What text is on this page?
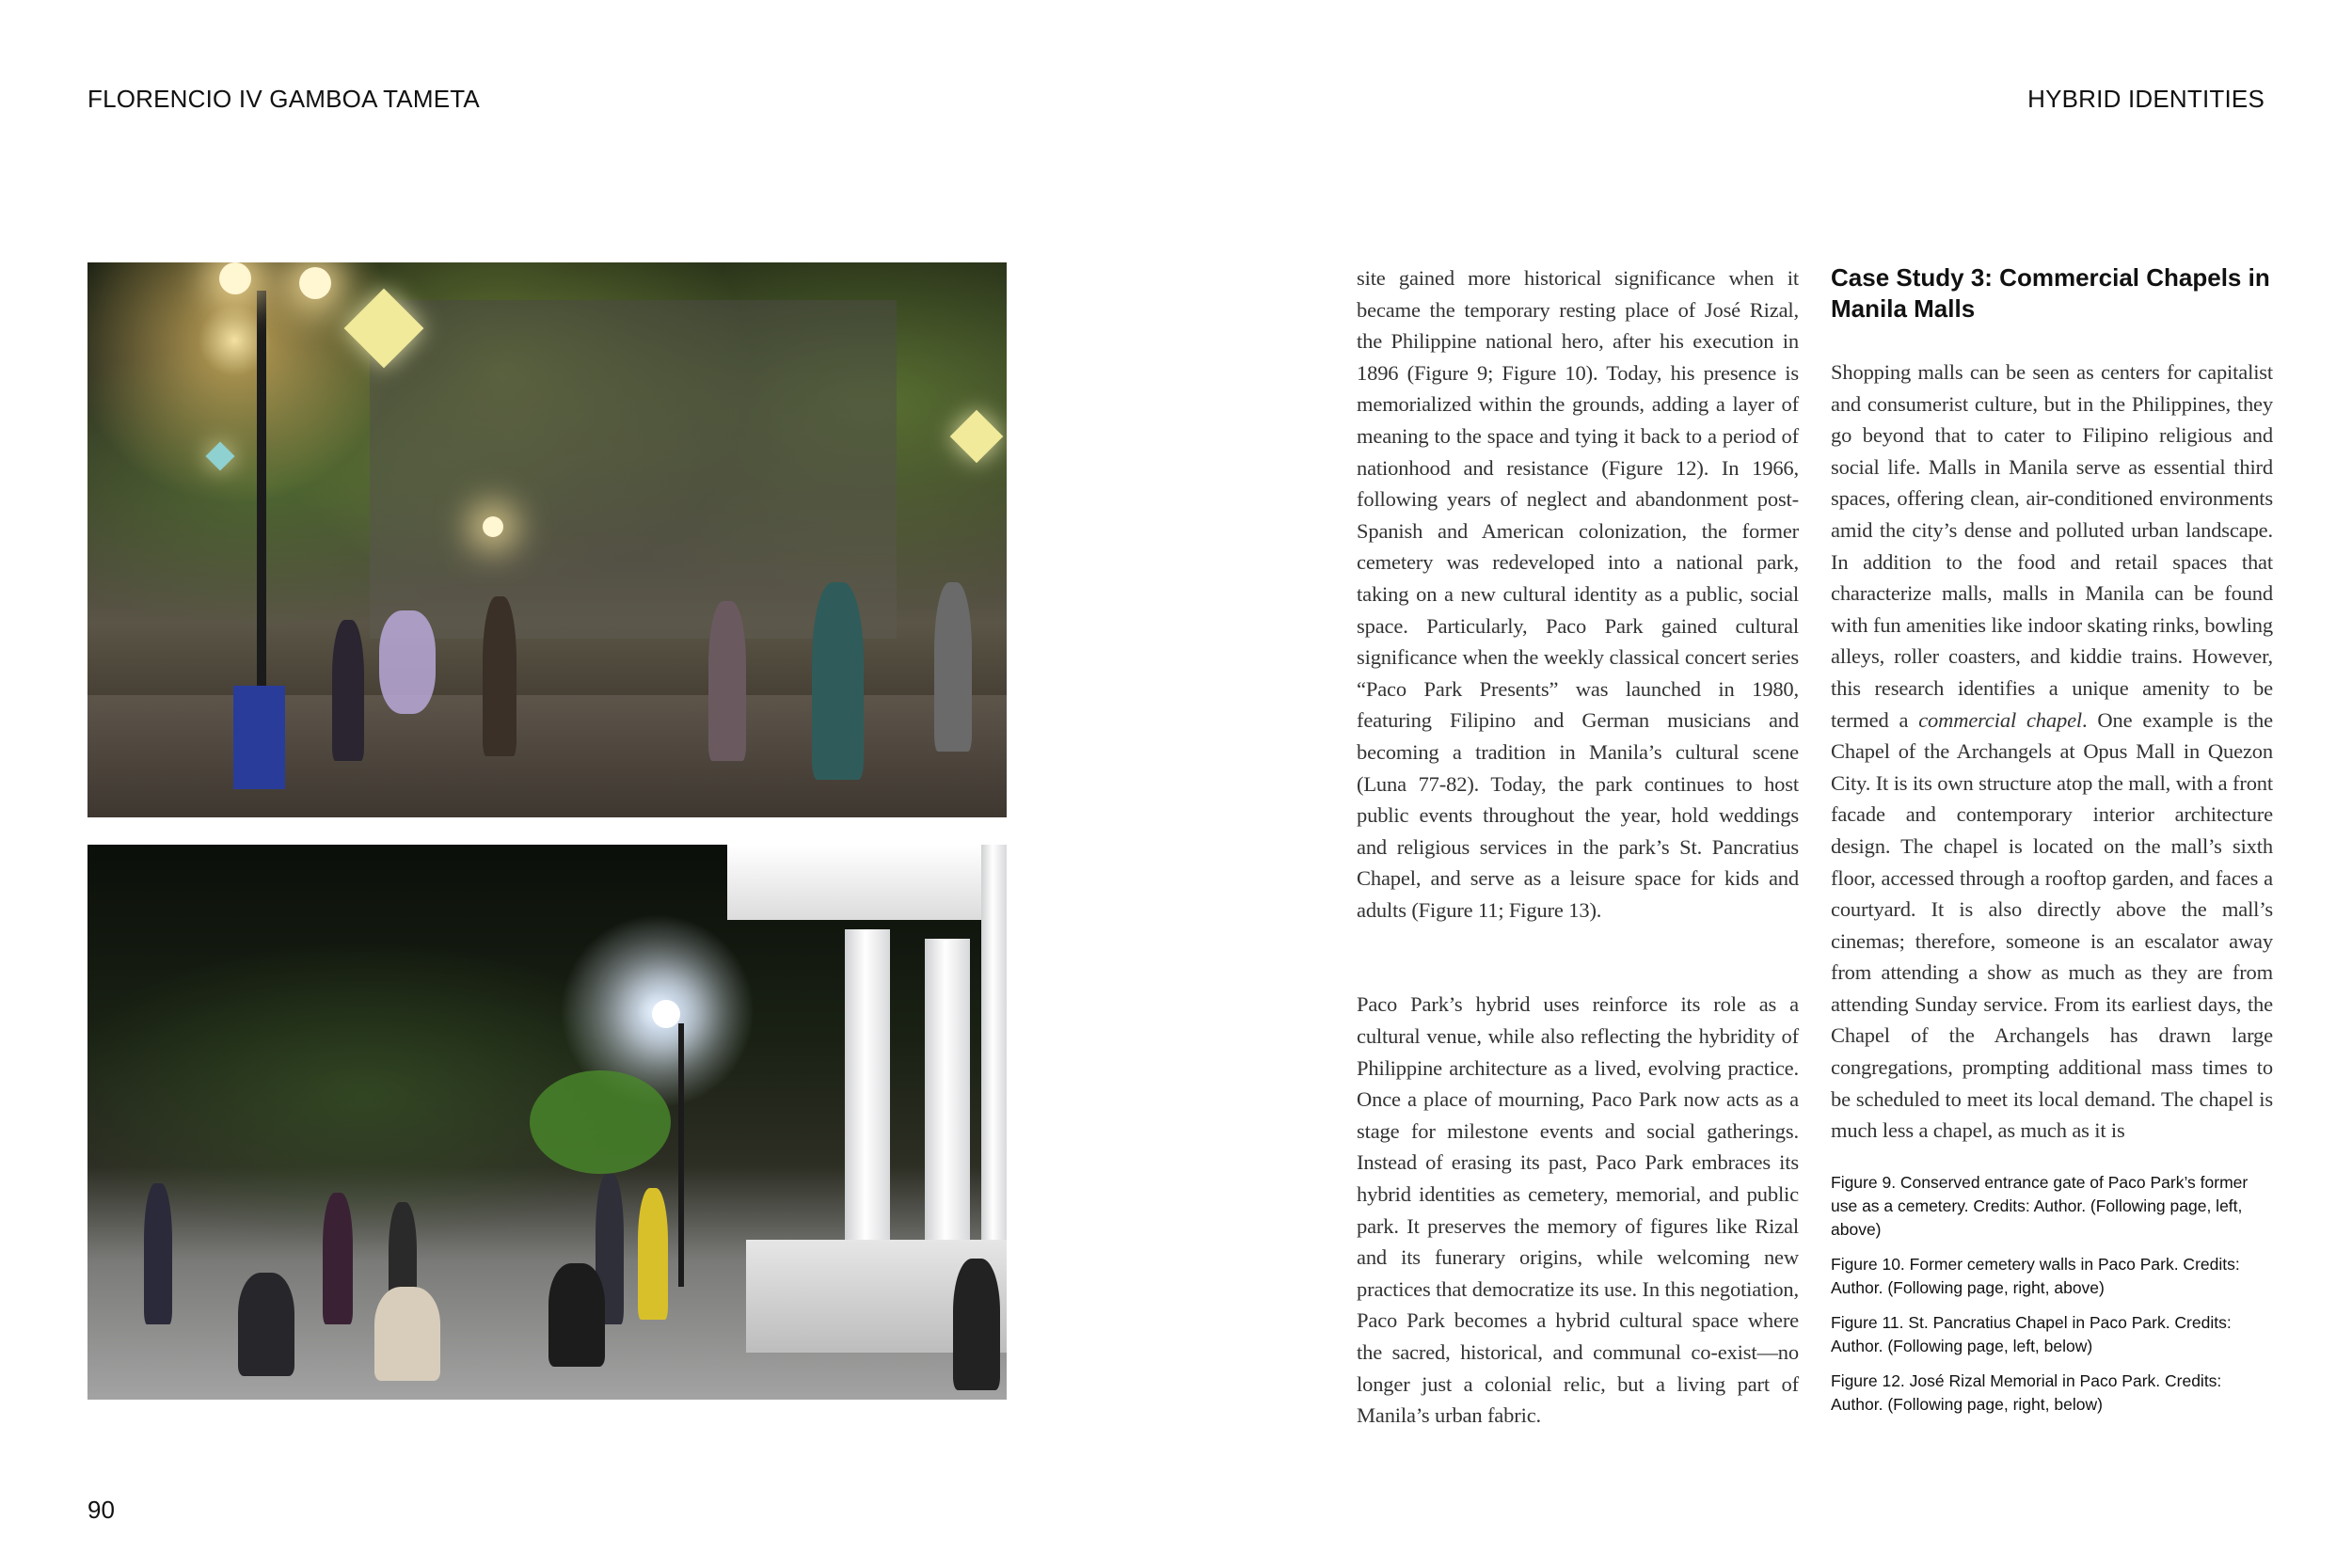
FLORENCIO IV GAMBOA TAMETA	HYBRID IDENTITIES

site gained more historical significance when it became the temporary resting place of José Rizal, the Philippine national hero, after his execution in 1896 (Figure 9; Figure 10). Today, his presence is memorialized within the grounds, adding a layer of meaning to the space and tying it back to a period of nationhood and resistance (Figure 12). In 1966, following years of neglect and abandonment post-Spanish and American colonization, the former cemetery was redeveloped into a national park, taking on a new cultural identity as a public, social space. Particularly, Paco Park gained cultural significance when the weekly classical concert series “Paco Park Presents” was launched in 1980, featuring Filipino and German musicians and becoming a tradition in Manila’s cultural scene (Luna 77-82). Today, the park continues to host public events throughout the year, hold weddings and religious services in the park’s St. Pancratius Chapel, and serve as a leisure space for kids and adults (Figure 11; Figure 13).

Paco Park’s hybrid uses reinforce its role as a cultural venue, while also reflecting the hybridity of Philippine architecture as a lived, evolving practice. Once a place of mourning, Paco Park now acts as a stage for milestone events and social gatherings. Instead of erasing its past, Paco Park embraces its hybrid identities as cemetery, memorial, and public park. It preserves the memory of figures like Rizal and its funerary origins, while welcoming new practices that democratize its use. In this negotiation, Paco Park becomes a hybrid cultural space where the sacred, historical, and communal co-exist—no longer just a colonial relic, but a living part of Manila’s urban fabric.

Case Study 3: Commercial Chapels in Manila Malls

Shopping malls can be seen as centers for capitalist and consumerist culture, but in the Philippines, they go beyond that to cater to Filipino religious and social life. Malls in Manila serve as essential third spaces, offering clean, air-conditioned environments amid the city’s dense and polluted urban landscape. In addition to the food and retail spaces that characterize malls, malls in Manila can be found with fun amenities like indoor skating rinks, bowling alleys, roller coasters, and kiddie trains. However, this research identifies a unique amenity to be termed a commercial chapel. One example is the Chapel of the Archangels at Opus Mall in Quezon City. It is its own structure atop the mall, with a front facade and contemporary interior architecture design. The chapel is located on the mall’s sixth floor, accessed through a rooftop garden, and faces a courtyard. It is also directly above the mall’s cinemas; therefore, someone is an escalator away from attending a show as much as they are from attending Sunday service. From its earliest days, the Chapel of the Archangels has drawn large congregations, prompting additional mass times to be scheduled to meet its local demand. The chapel is much less a chapel, as much as it is

Figure 9. Conserved entrance gate of Paco Park’s former use as a cemetery. Credits: Author. (Following page, left, above)

Figure 10. Former cemetery walls in Paco Park. Credits: Author. (Following page, right, above)

Figure 11. St. Pancratius Chapel in Paco Park. Credits: Author. (Following page, left, below)

Figure 12. José Rizal Memorial in Paco Park. Credits: Author. (Following page, right, below)

90
